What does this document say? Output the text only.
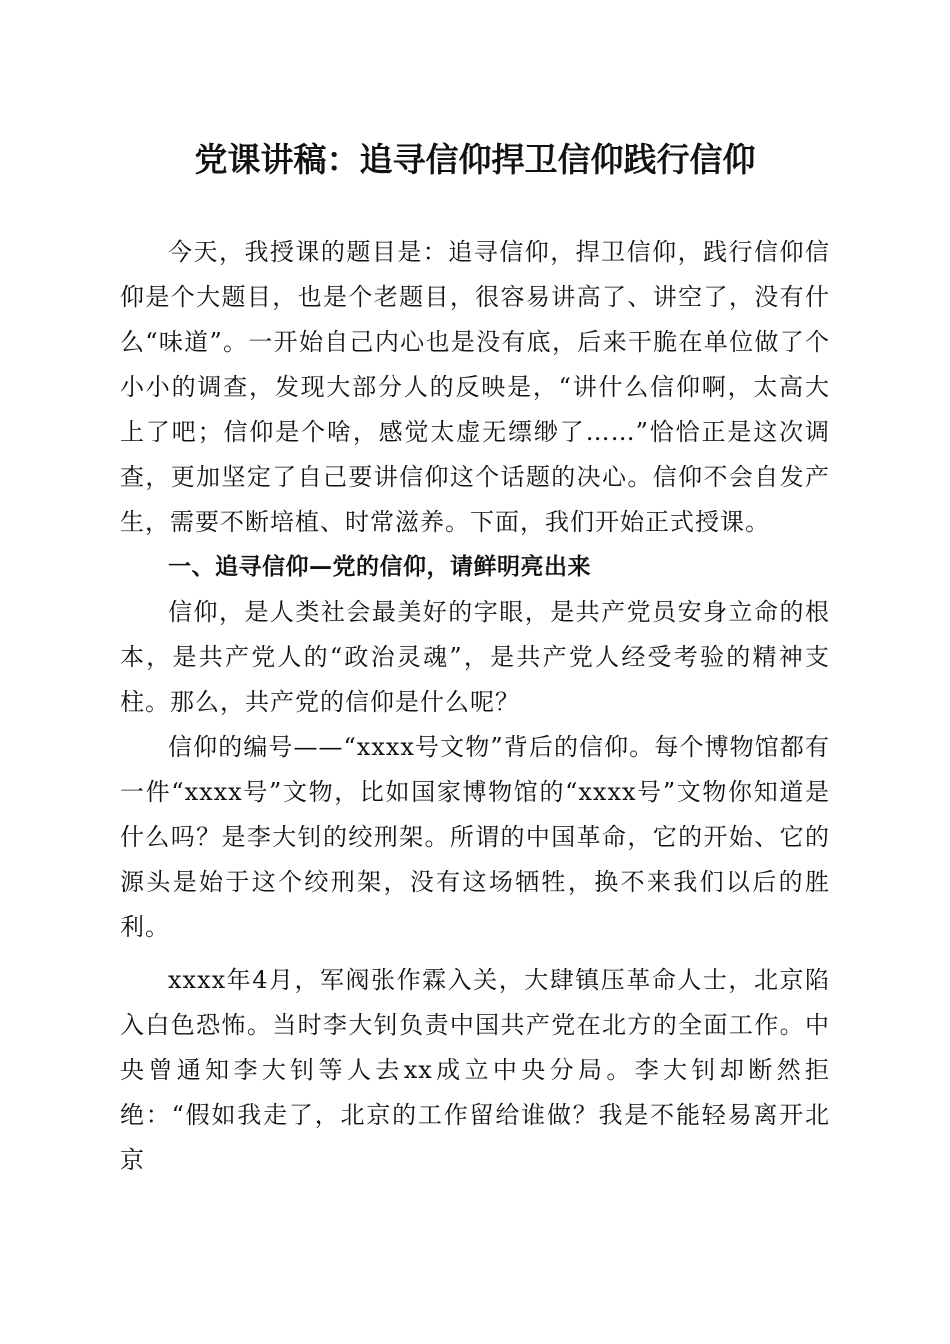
党课讲稿：追寻信仰捍卫信仰践行信仰

今天，我授课的题目是：追寻信仰，捍卫信仰，践行信仰信仰是个大题目，也是个老题目，很容易讲高了、讲空了，没有什么“味道”。一开始自己内心也是没有底，后来干脆在单位做了个小小的调查，发现大部分人的反映是，“讲什么信仰啊，太高大上了吧；信仰是个啥，感觉太虚无缥缈了……”恰恰正是这次调查，更加坚定了自己要讲信仰这个话题的决心。信仰不会自发产生，需要不断培植、时常滋养。下面，我们开始正式授课。

一、追寻信仰—党的信仰，请鲜明亮出来

信仰，是人类社会最美好的字眼，是共产党员安身立命的根本，是共产党人的“政治灵魂”，是共产党人经受考验的精神支柱。那么，共产党的信仰是什么呢？

信仰的编号——“xxxx号文物”背后的信仰。每个博物馆都有一件“xxxx号”文物，比如国家博物馆的“xxxx号”文物你知道是什么吗？是李大钊的绞刑架。所谓的中国革命，它的开始、它的源头是始于这个绞刑架，没有这场牺牲，换不来我们以后的胜利。

xxxx年4月，军阀张作霖入关，大肆镇压革命人士，北京陷入白色恐怖。当时李大钊负责中国共产党在北方的全面工作。中央曾通知李大钊等人去xx成立中央分局。李大钊却断然拒绝：“假如我走了，北京的工作留给谁做？我是不能轻易离开北京
